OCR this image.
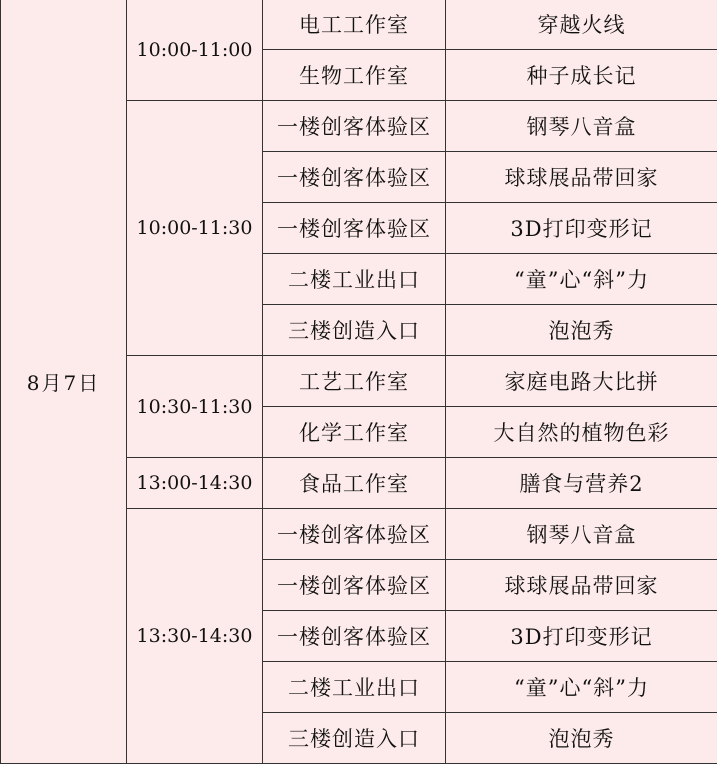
8月7日	10:00-11:00	电工工作室	穿越火线
		生物工作室	种子成长记
	10:00-11:30	一楼创客体验区	钢琴八音盒
		一楼创客体验区	球球展品带回家
		一楼创客体验区	3D打印变形记
		二楼工业出口	“童”心“斜”力
		三楼创造入口	泡泡秀
	10:30-11:30	工艺工作室	家庭电路大比拼
		化学工作室	大自然的植物色彩
	13:00-14:30	食品工作室	膳食与营养2
	13:30-14:30	一楼创客体验区	钢琴八音盒
		一楼创客体验区	球球展品带回家
		一楼创客体验区	3D打印变形记
		二楼工业出口	“童”心“斜”力
		三楼创造入口	泡泡秀
